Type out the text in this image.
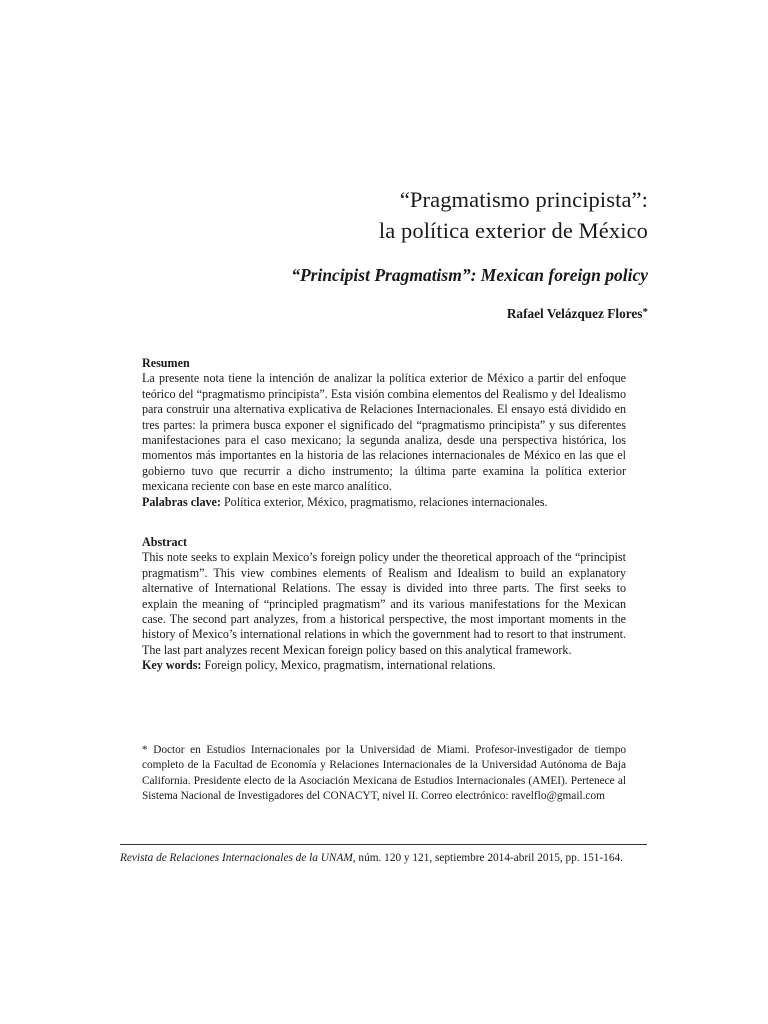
“Pragmatismo principista”:
la política exterior de México
“Principist Pragmatism”: Mexican foreign policy
Rafael Velázquez Flores*
Resumen
La presente nota tiene la intención de analizar la política exterior de México a partir del enfoque teórico del “pragmatismo principista”. Esta visión combina elementos del Realismo y del Idealismo para construir una alternativa explicativa de Relaciones Internacionales. El ensayo está dividido en tres partes: la primera busca exponer el significado del “pragmatismo principista” y sus diferentes manifestaciones para el caso mexicano; la segunda analiza, desde una perspectiva histórica, los momentos más importantes en la historia de las relaciones internacionales de México en las que el gobierno tuvo que recurrir a dicho instrumento; la última parte examina la política exterior mexicana reciente con base en este marco analítico.
Palabras clave: Política exterior, México, pragmatismo, relaciones internacionales.
Abstract
This note seeks to explain Mexico’s foreign policy under the theoretical approach of the “principist pragmatism”. This view combines elements of Realism and Idealism to build an explanatory alternative of International Relations. The essay is divided into three parts. The first seeks to explain the meaning of “principled pragmatism” and its various manifestations for the Mexican case. The second part analyzes, from a historical perspective, the most important moments in the history of Mexico’s international relations in which the government had to resort to that instrument. The last part analyzes recent Mexican foreign policy based on this analytical framework.
Key words: Foreign policy, Mexico, pragmatism, international relations.
* Doctor en Estudios Internacionales por la Universidad de Miami. Profesor-investigador de tiempo completo de la Facultad de Economía y Relaciones Internacionales de la Universidad Autónoma de Baja California. Presidente electo de la Asociación Mexicana de Estudios Internacionales (AMEI). Pertenece al Sistema Nacional de Investigadores del CONACYT, nivel II. Correo electrónico: ravelflo@gmail.com
Revista de Relaciones Internacionales de la UNAM, núm. 120 y 121, septiembre 2014-abril 2015, pp. 151-164.
